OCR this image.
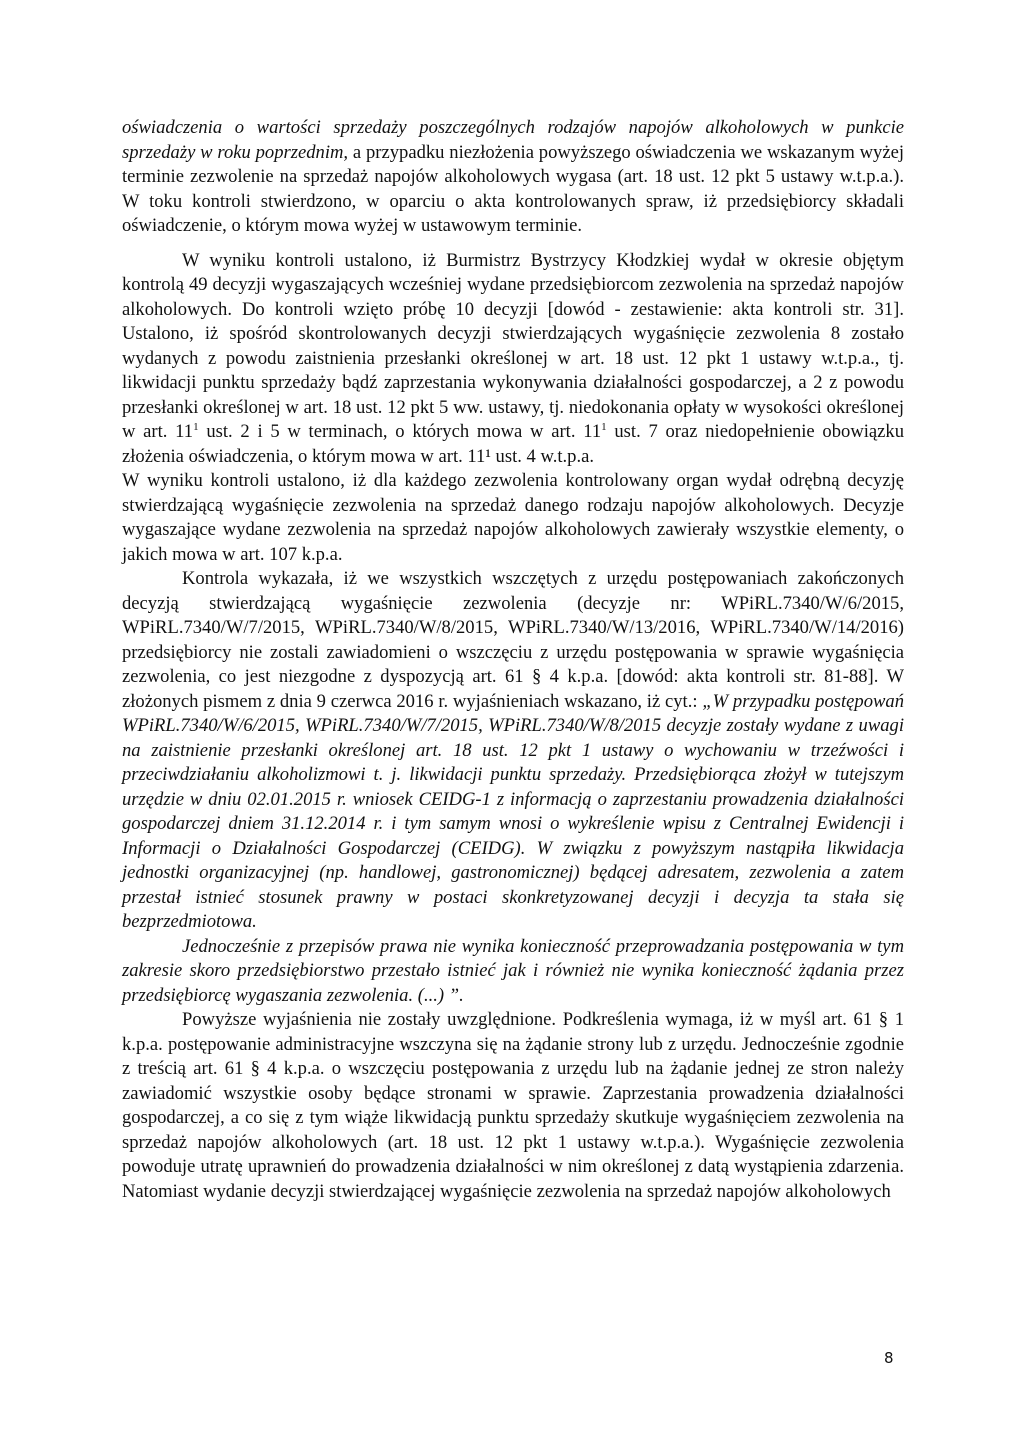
oświadczenia o wartości sprzedaży poszczególnych rodzajów napojów alkoholowych w punkcie sprzedaży w roku poprzednim, a przypadku niezłożenia powyższego oświadczenia we wskazanym wyżej terminie zezwolenie na sprzedaż napojów alkoholowych wygasa (art. 18 ust. 12 pkt 5 ustawy w.t.p.a.). W toku kontroli stwierdzono, w oparciu o akta kontrolowanych spraw, iż przedsiębiorcy składali oświadczenie, o którym mowa wyżej w ustawowym terminie.

W wyniku kontroli ustalono, iż Burmistrz Bystrzycy Kłodzkiej wydał w okresie objętym kontrolą 49 decyzji wygaszających wcześniej wydane przedsiębiorcom zezwolenia na sprzedaż napojów alkoholowych. Do kontroli wzięto próbę 10 decyzji [dowód - zestawienie: akta kontroli str. 31]. Ustalono, iż spośród skontrolowanych decyzji stwierdzających wygaśnięcie zezwolenia 8 zostało wydanych z powodu zaistnienia przesłanki określonej w art. 18 ust. 12 pkt 1 ustawy w.t.p.a., tj. likwidacji punktu sprzedaży bądź zaprzestania wykonywania działalności gospodarczej, a 2 z powodu przesłanki określonej w art. 18 ust. 12 pkt 5 ww. ustawy, tj. niedokonania opłaty w wysokości określonej w art. $11^1$ ust. 2 i 5 w terminach, o których mowa w art. $11^1$ ust. 7 oraz niedopełnienie obowiązku złożenia oświadczenia, o którym mowa w art. 11¹ ust. 4 w.t.p.a.

W wyniku kontroli ustalono, iż dla każdego zezwolenia kontrolowany organ wydał odrębną decyzję stwierdzającą wygaśnięcie zezwolenia na sprzedaż danego rodzaju napojów alkoholowych. Decyzje wygaszające wydane zezwolenia na sprzedaż napojów alkoholowych zawierały wszystkie elementy, o jakich mowa w art. 107 k.p.a.

Kontrola wykazała, iż we wszystkich wszczętych z urzędu postępowaniach zakończonych decyzją stwierdzającą wygaśnięcie zezwolenia (decyzje nr: WPiRL.7340/W/6/2015, WPiRL.7340/W/7/2015, WPiRL.7340/W/8/2015, WPiRL.7340/W/13/2016, WPiRL.7340/W/14/2016) przedsiębiorcy nie zostali zawiadomieni o wszczęciu z urzędu postępowania w sprawie wygaśnięcia zezwolenia, co jest niezgodne z dyspozycją art. 61 § 4 k.p.a. [dowód: akta kontroli str. 81-88]. W złożonych pismem z dnia 9 czerwca 2016 r. wyjaśnieniach wskazano, iż cyt.: „W przypadku postępowań WPiRL.7340/W/6/2015, WPiRL.7340/W/7/2015, WPiRL.7340/W/8/2015 decyzje zostały wydane z uwagi na zaistnienie przesłanki określonej art. 18 ust. 12 pkt 1 ustawy o wychowaniu w trzeźwości i przeciwdziałaniu alkoholizmowi t. j. likwidacji punktu sprzedaży. Przedsiębiorąca złożył w tutejszym urzędzie w dniu 02.01.2015 r. wniosek CEIDG-1 z informacją o zaprzestaniu prowadzenia działalności gospodarczej dniem 31.12.2014 r. i tym samym wnosi o wykreślenie wpisu z Centralnej Ewidencji i Informacji o Działalności Gospodarczej (CEIDG). W związku z powyższym nastąpiła likwidacja jednostki organizacyjnej (np. handlowej, gastronomicznej) będącej adresatem, zezwolenia a zatem przestał istnieć stosunek prawny w postaci skonkretyzowanej decyzji i decyzja ta stała się bezprzedmiotowa.

Jednocześnie z przepisów prawa nie wynika konieczność przeprowadzania postępowania w tym zakresie skoro przedsiębiorstwo przestało istnieć jak i również nie wynika konieczność żądania przez przedsiębiorcę wygaszania zezwolenia. (...) ”.

Powyższe wyjaśnienia nie zostały uwzględnione. Podkreślenia wymaga, iż w myśl art. 61 § 1 k.p.a. postępowanie administracyjne wszczyna się na żądanie strony lub z urzędu. Jednocześnie zgodnie z treścią art. 61 § 4 k.p.a. o wszczęciu postępowania z urzędu lub na żądanie jednej ze stron należy zawiadomić wszystkie osoby będące stronami w sprawie. Zaprzestania prowadzenia działalności gospodarczej, a co się z tym wiąże likwidacją punktu sprzedaży skutkuje wygaśnięciem zezwolenia na sprzedaż napojów alkoholowych (art. 18 ust. 12 pkt 1 ustawy w.t.p.a.). Wygaśnięcie zezwolenia powoduje utratę uprawnień do prowadzenia działalności w nim określonej z datą wystąpienia zdarzenia. Natomiast wydanie decyzji stwierdzającej wygaśnięcie zezwolenia na sprzedaż napojów alkoholowych

8
